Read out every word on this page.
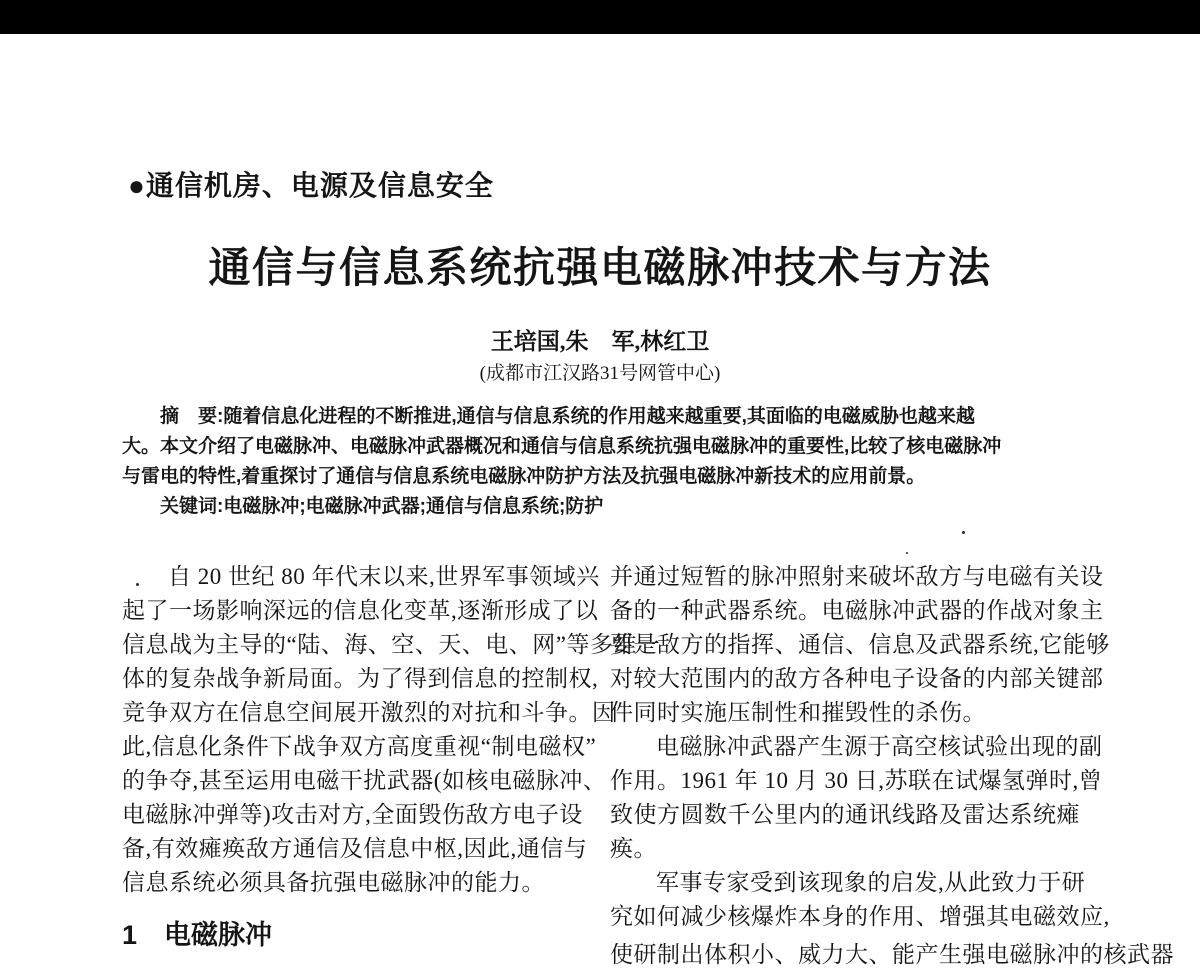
●通信机房、电源及信息安全
通信与信息系统抗强电磁脉冲技术与方法
王培国,朱　军,林红卫
(成都市江汉路31号网管中心)
摘　要:随着信息化进程的不断推进,通信与信息系统的作用越来越重要,其面临的电磁威胁也越来越
大。本文介绍了电磁脉冲、电磁脉冲武器概况和通信与信息系统抗强电磁脉冲的重要性,比较了核电磁脉冲
与雷电的特性,着重探讨了通信与信息系统电磁脉冲防护方法及抗强电磁脉冲新技术的应用前景。
关键词:电磁脉冲;电磁脉冲武器;通信与信息系统;防护
自 20 世纪 80 年代末以来,世界军事领域兴
起了一场影响深远的信息化变革,逐渐形成了以
信息战为主导的“陆、海、空、天、电、网”等多维一
体的复杂战争新局面。为了得到信息的控制权,
竞争双方在信息空间展开激烈的对抗和斗争。因
此,信息化条件下战争双方高度重视“制电磁权”
的争夺,甚至运用电磁干扰武器(如核电磁脉冲、
电磁脉冲弹等)攻击对方,全面毁伤敌方电子设
备,有效瘫痪敌方通信及信息中枢,因此,通信与
信息系统必须具备抗强电磁脉冲的能力。
1　电磁脉冲
并通过短暂的脉冲照射来破坏敌方与电磁有关设
备的一种武器系统。电磁脉冲武器的作战对象主
要是敌方的指挥、通信、信息及武器系统,它能够
对较大范围内的敌方各种电子设备的内部关键部
件同时实施压制性和摧毁性的杀伤。
电磁脉冲武器产生源于高空核试验出现的副
作用。1961 年 10 月 30 日,苏联在试爆氢弹时,曾
致使方圆数千公里内的通讯线路及雷达系统瘫
痪。
军事专家受到该现象的启发,从此致力于研
究如何减少核爆炸本身的作用、增强其电磁效应,
使研制出体积小、威力大、能产生强电磁脉冲的核武器
